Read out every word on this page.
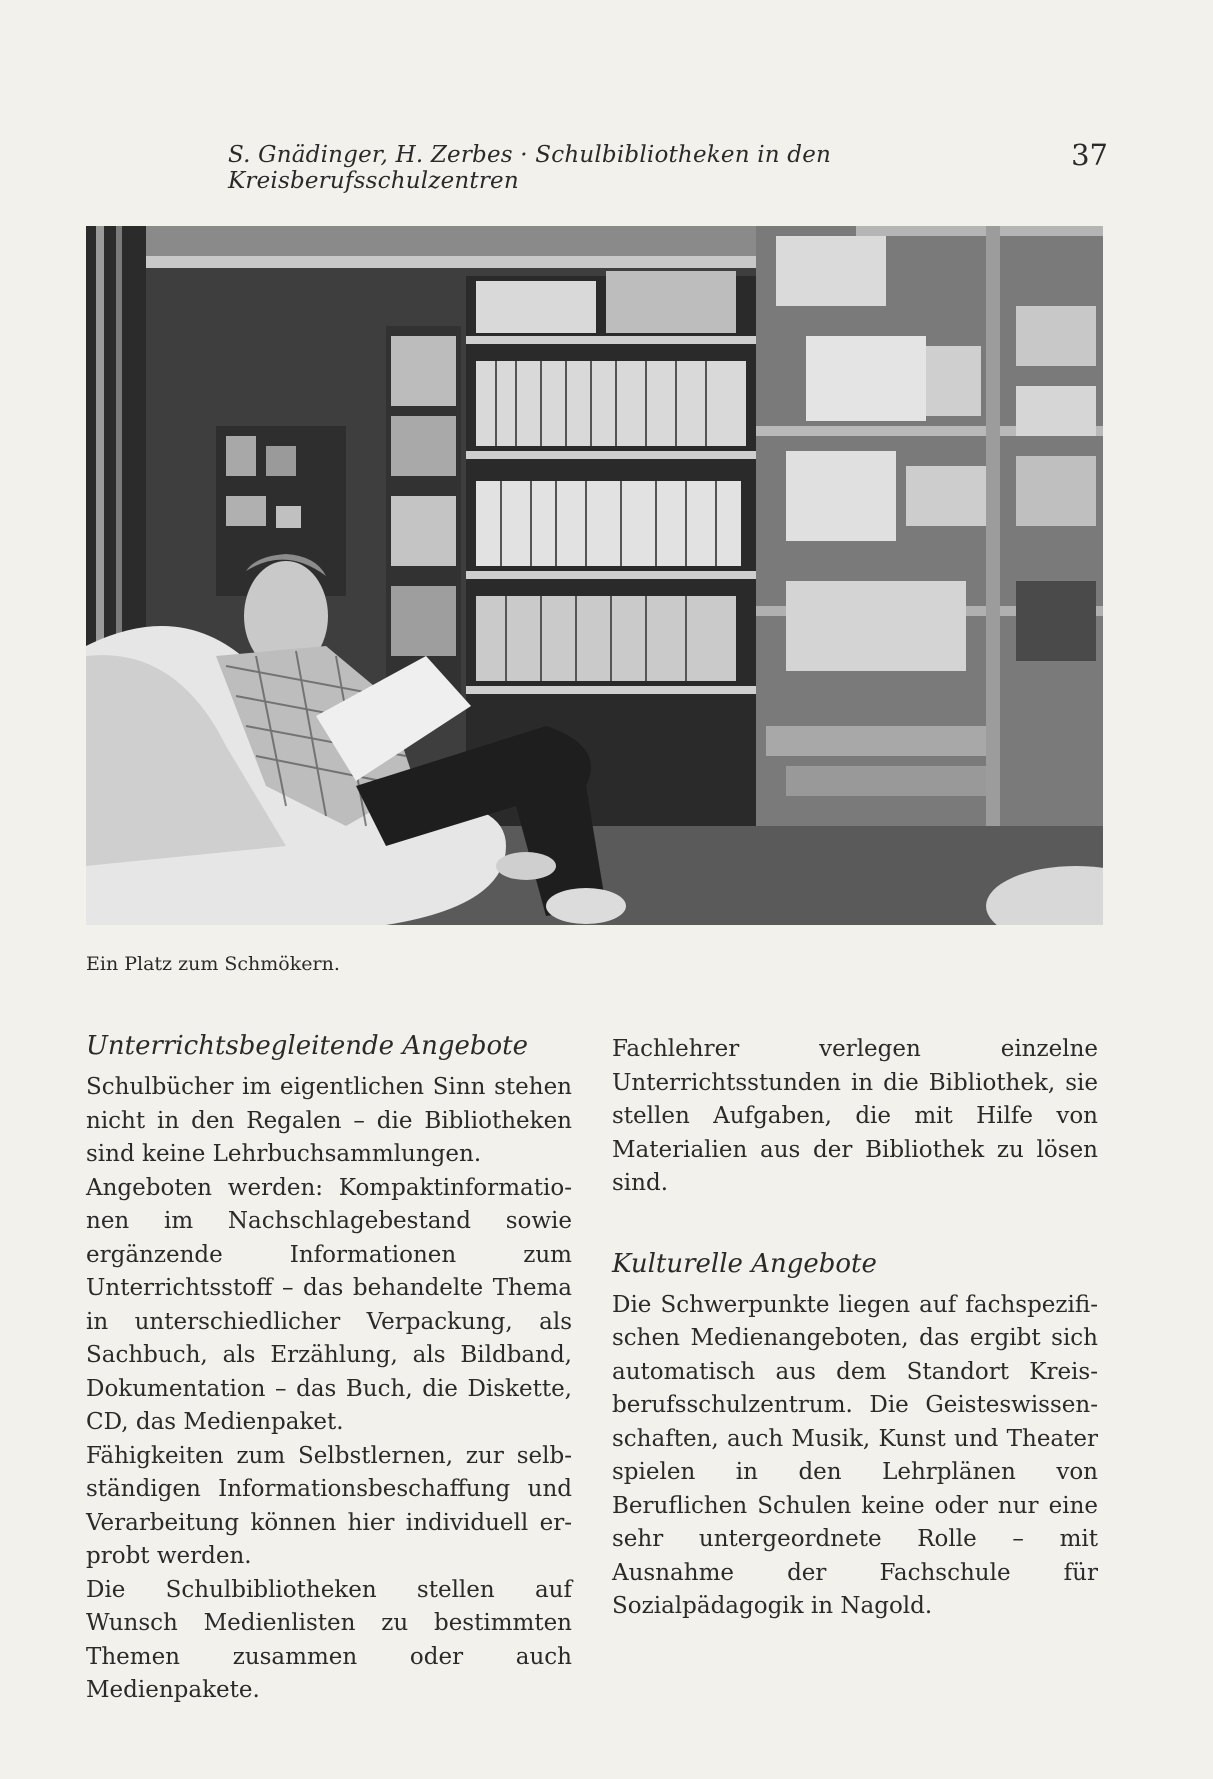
S. Gnädinger, H. Zerbes · Schulbibliotheken in den Kreisberufsschulzentren
37
Ein Platz zum Schmökern.
Unterrichtsbegleitende Angebote

Schulbücher im eigentlichen Sinn stehen nicht in den Regalen – die Bibliotheken sind keine Lehrbuchsammlungen.

Angeboten werden: Kompaktinformationen im Nachschlagebestand sowie ergänzende Informationen zum Unterrichtsstoff – das behandelte Thema in unterschiedlicher Verpackung, als Sachbuch, als Erzählung, als Bildband, Dokumentation – das Buch, die Diskette, CD, das Medienpaket.

Fähigkeiten zum Selbstlernen, zur selbständigen Informationsbeschaffung und Verarbeitung können hier individuell erprobt werden.

Die Schulbibliotheken stellen auf Wunsch Medienlisten zu bestimmten Themen zusammen oder auch Medienpakete.

Fachlehrer verlegen einzelne Unterrichtsstunden in die Bibliothek, sie stellen Aufgaben, die mit Hilfe von Materialien aus der Bibliothek zu lösen sind.

Kulturelle Angebote

Die Schwerpunkte liegen auf fachspezifischen Medienangeboten, das ergibt sich automatisch aus dem Standort Kreisberufsschulzentrum. Die Geisteswissenschaften, auch Musik, Kunst und Theater spielen in den Lehrplänen von Beruflichen Schulen keine oder nur eine sehr untergeordnete Rolle – mit Ausnahme der Fachschule für Sozialpädagogik in Nagold.
